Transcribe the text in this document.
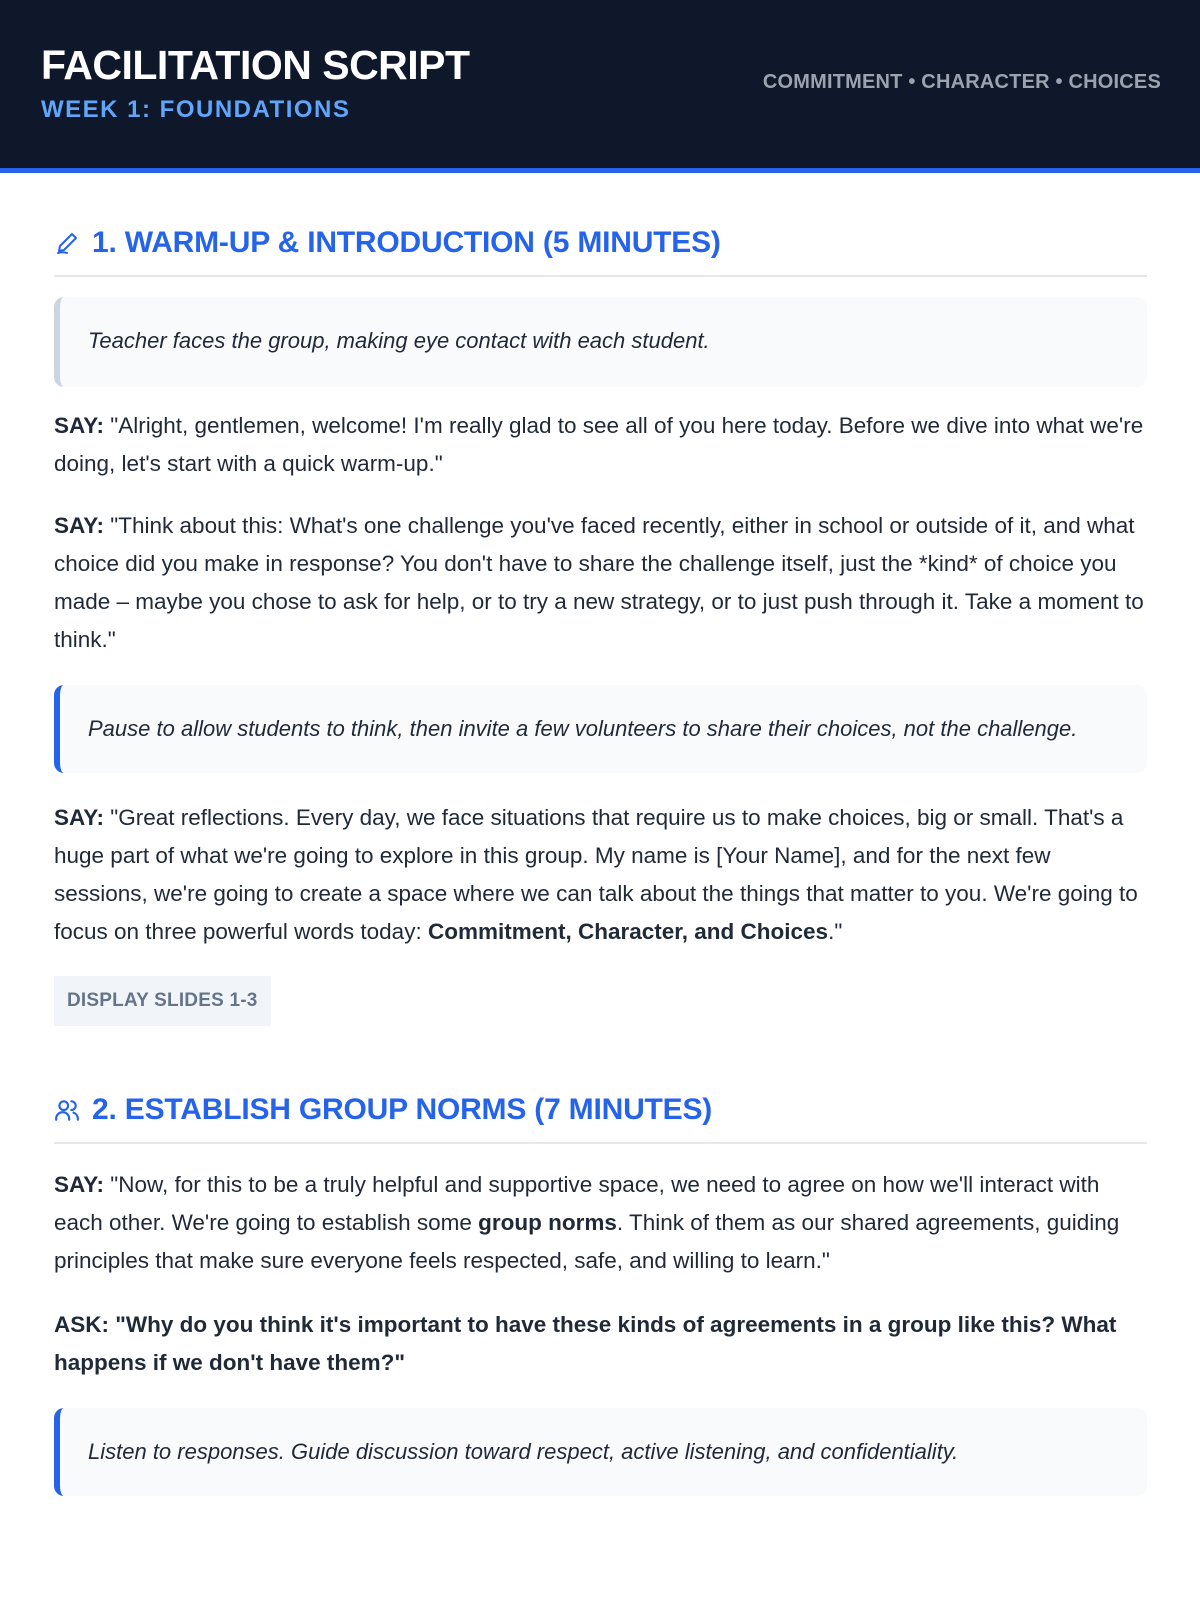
FACILITATION SCRIPT
WEEK 1: FOUNDATIONS
COMMITMENT • CHARACTER • CHOICES
1. WARM-UP & INTRODUCTION (5 MINUTES)
Teacher faces the group, making eye contact with each student.
SAY: "Alright, gentlemen, welcome! I'm really glad to see all of you here today. Before we dive into what we're doing, let's start with a quick warm-up."
SAY: "Think about this: What's one challenge you've faced recently, either in school or outside of it, and what choice did you make in response? You don't have to share the challenge itself, just the *kind* of choice you made – maybe you chose to ask for help, or to try a new strategy, or to just push through it. Take a moment to think."
Pause to allow students to think, then invite a few volunteers to share their choices, not the challenge.
SAY: "Great reflections. Every day, we face situations that require us to make choices, big or small. That's a huge part of what we're going to explore in this group. My name is [Your Name], and for the next few sessions, we're going to create a space where we can talk about the things that matter to you. We're going to focus on three powerful words today: Commitment, Character, and Choices."
DISPLAY SLIDES 1-3
2. ESTABLISH GROUP NORMS (7 MINUTES)
SAY: "Now, for this to be a truly helpful and supportive space, we need to agree on how we'll interact with each other. We're going to establish some group norms. Think of them as our shared agreements, guiding principles that make sure everyone feels respected, safe, and willing to learn."
ASK: "Why do you think it's important to have these kinds of agreements in a group like this? What happens if we don't have them?"
Listen to responses. Guide discussion toward respect, active listening, and confidentiality.
